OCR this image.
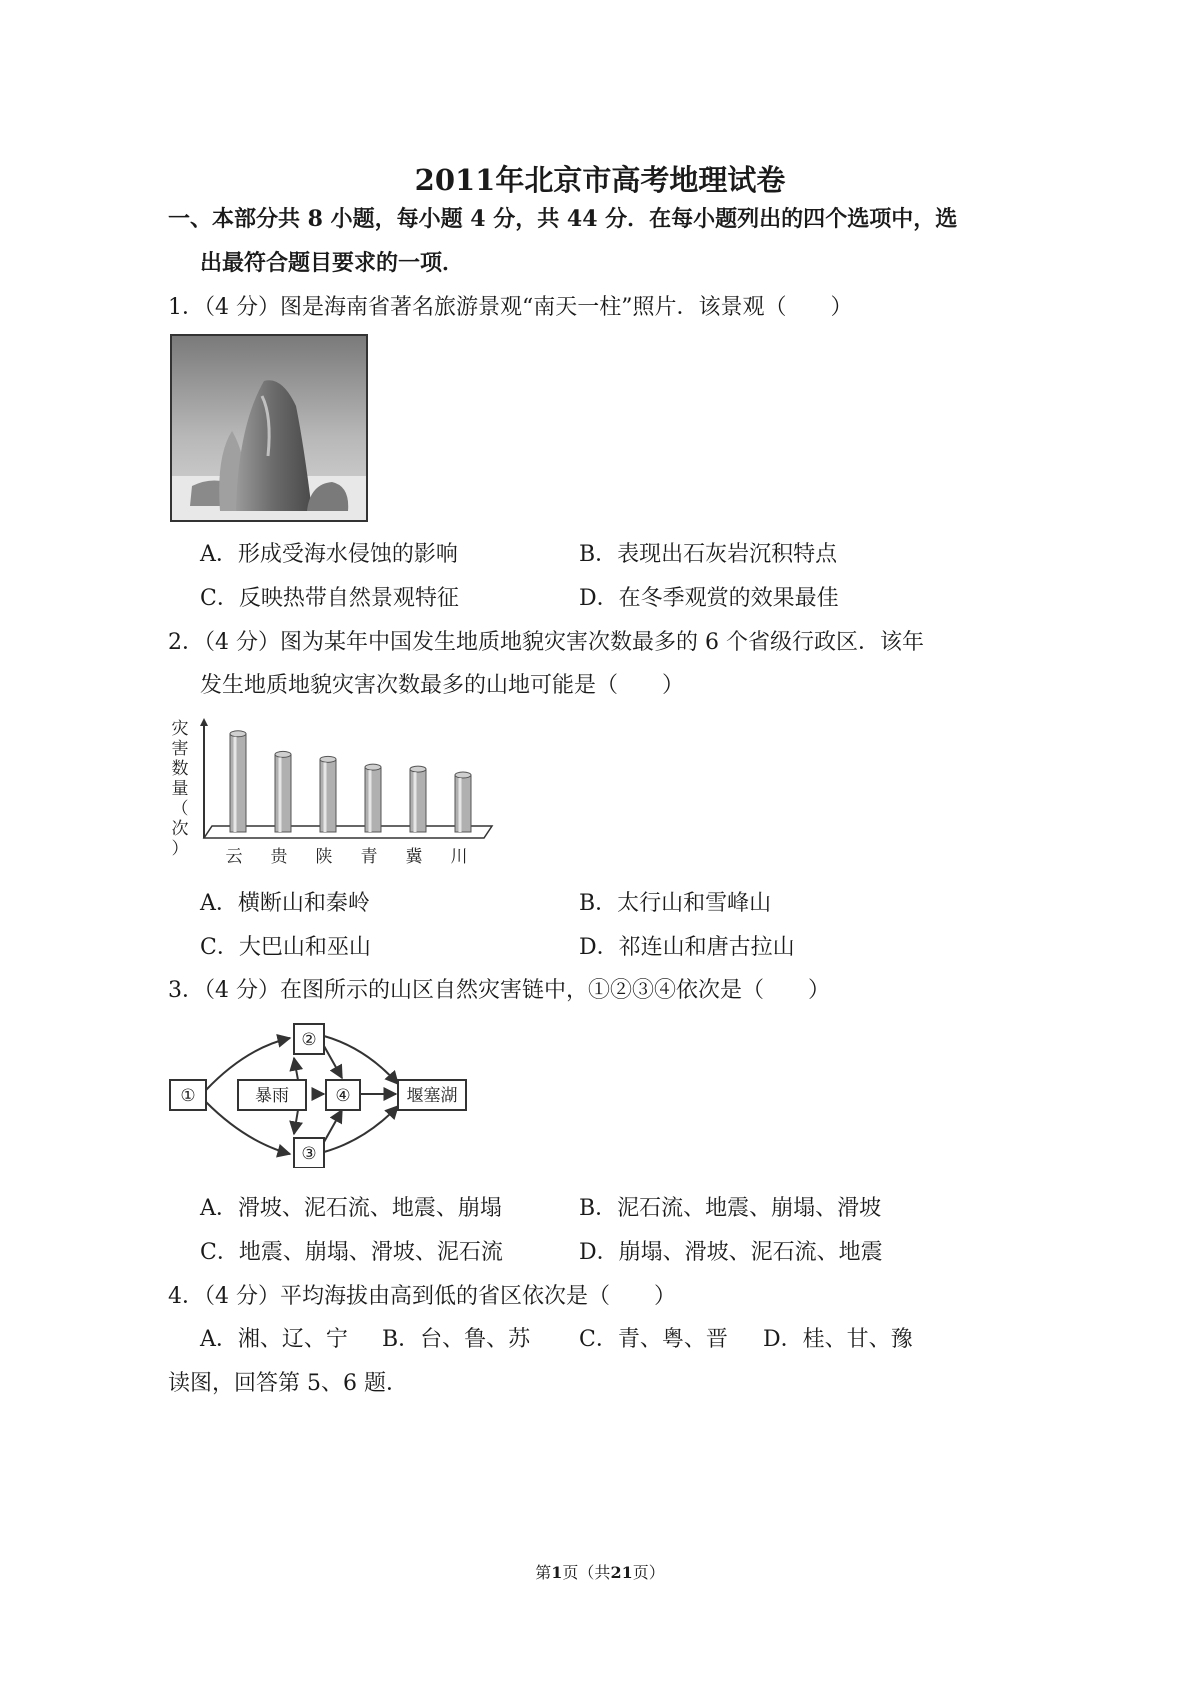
2011年北京市高考地理试卷
一、本部分共 8 小题，每小题 4 分，共 44 分．在每小题列出的四个选项中，选
出最符合题目要求的一项．
1．（4 分）图是海南省著名旅游景观“南天一柱”照片．该景观（　　）
A．形成受海水侵蚀的影响	B．表现出石灰岩沉积特点
C．反映热带自然景观特征	D．在冬季观赏的效果最佳
2．（4 分）图为某年中国发生地质地貌灾害次数最多的 6 个省级行政区．该年
发生地质地貌灾害次数最多的山地可能是（　　）
灾
害
数
量
（
次
） 云 贵 陕 青 冀 川
A．横断山和秦岭	B．太行山和雪峰山
C．大巴山和巫山	D．祁连山和唐古拉山
3．（4 分）在图所示的山区自然灾害链中，①②③④依次是（　　）
①	暴雨
②
④
③
堰塞湖
A．滑坡、泥石流、地震、崩塌	B．泥石流、地震、崩塌、滑坡
C．地震、崩塌、滑坡、泥石流	D．崩塌、滑坡、泥石流、地震
4．（4 分）平均海拔由高到低的省区依次是（　　）
A．湘、辽、宁 B．台、鲁、苏 C．青、粤、晋 D．桂、甘、豫
读图，回答第 5、6 题．
第1页（共21页）
